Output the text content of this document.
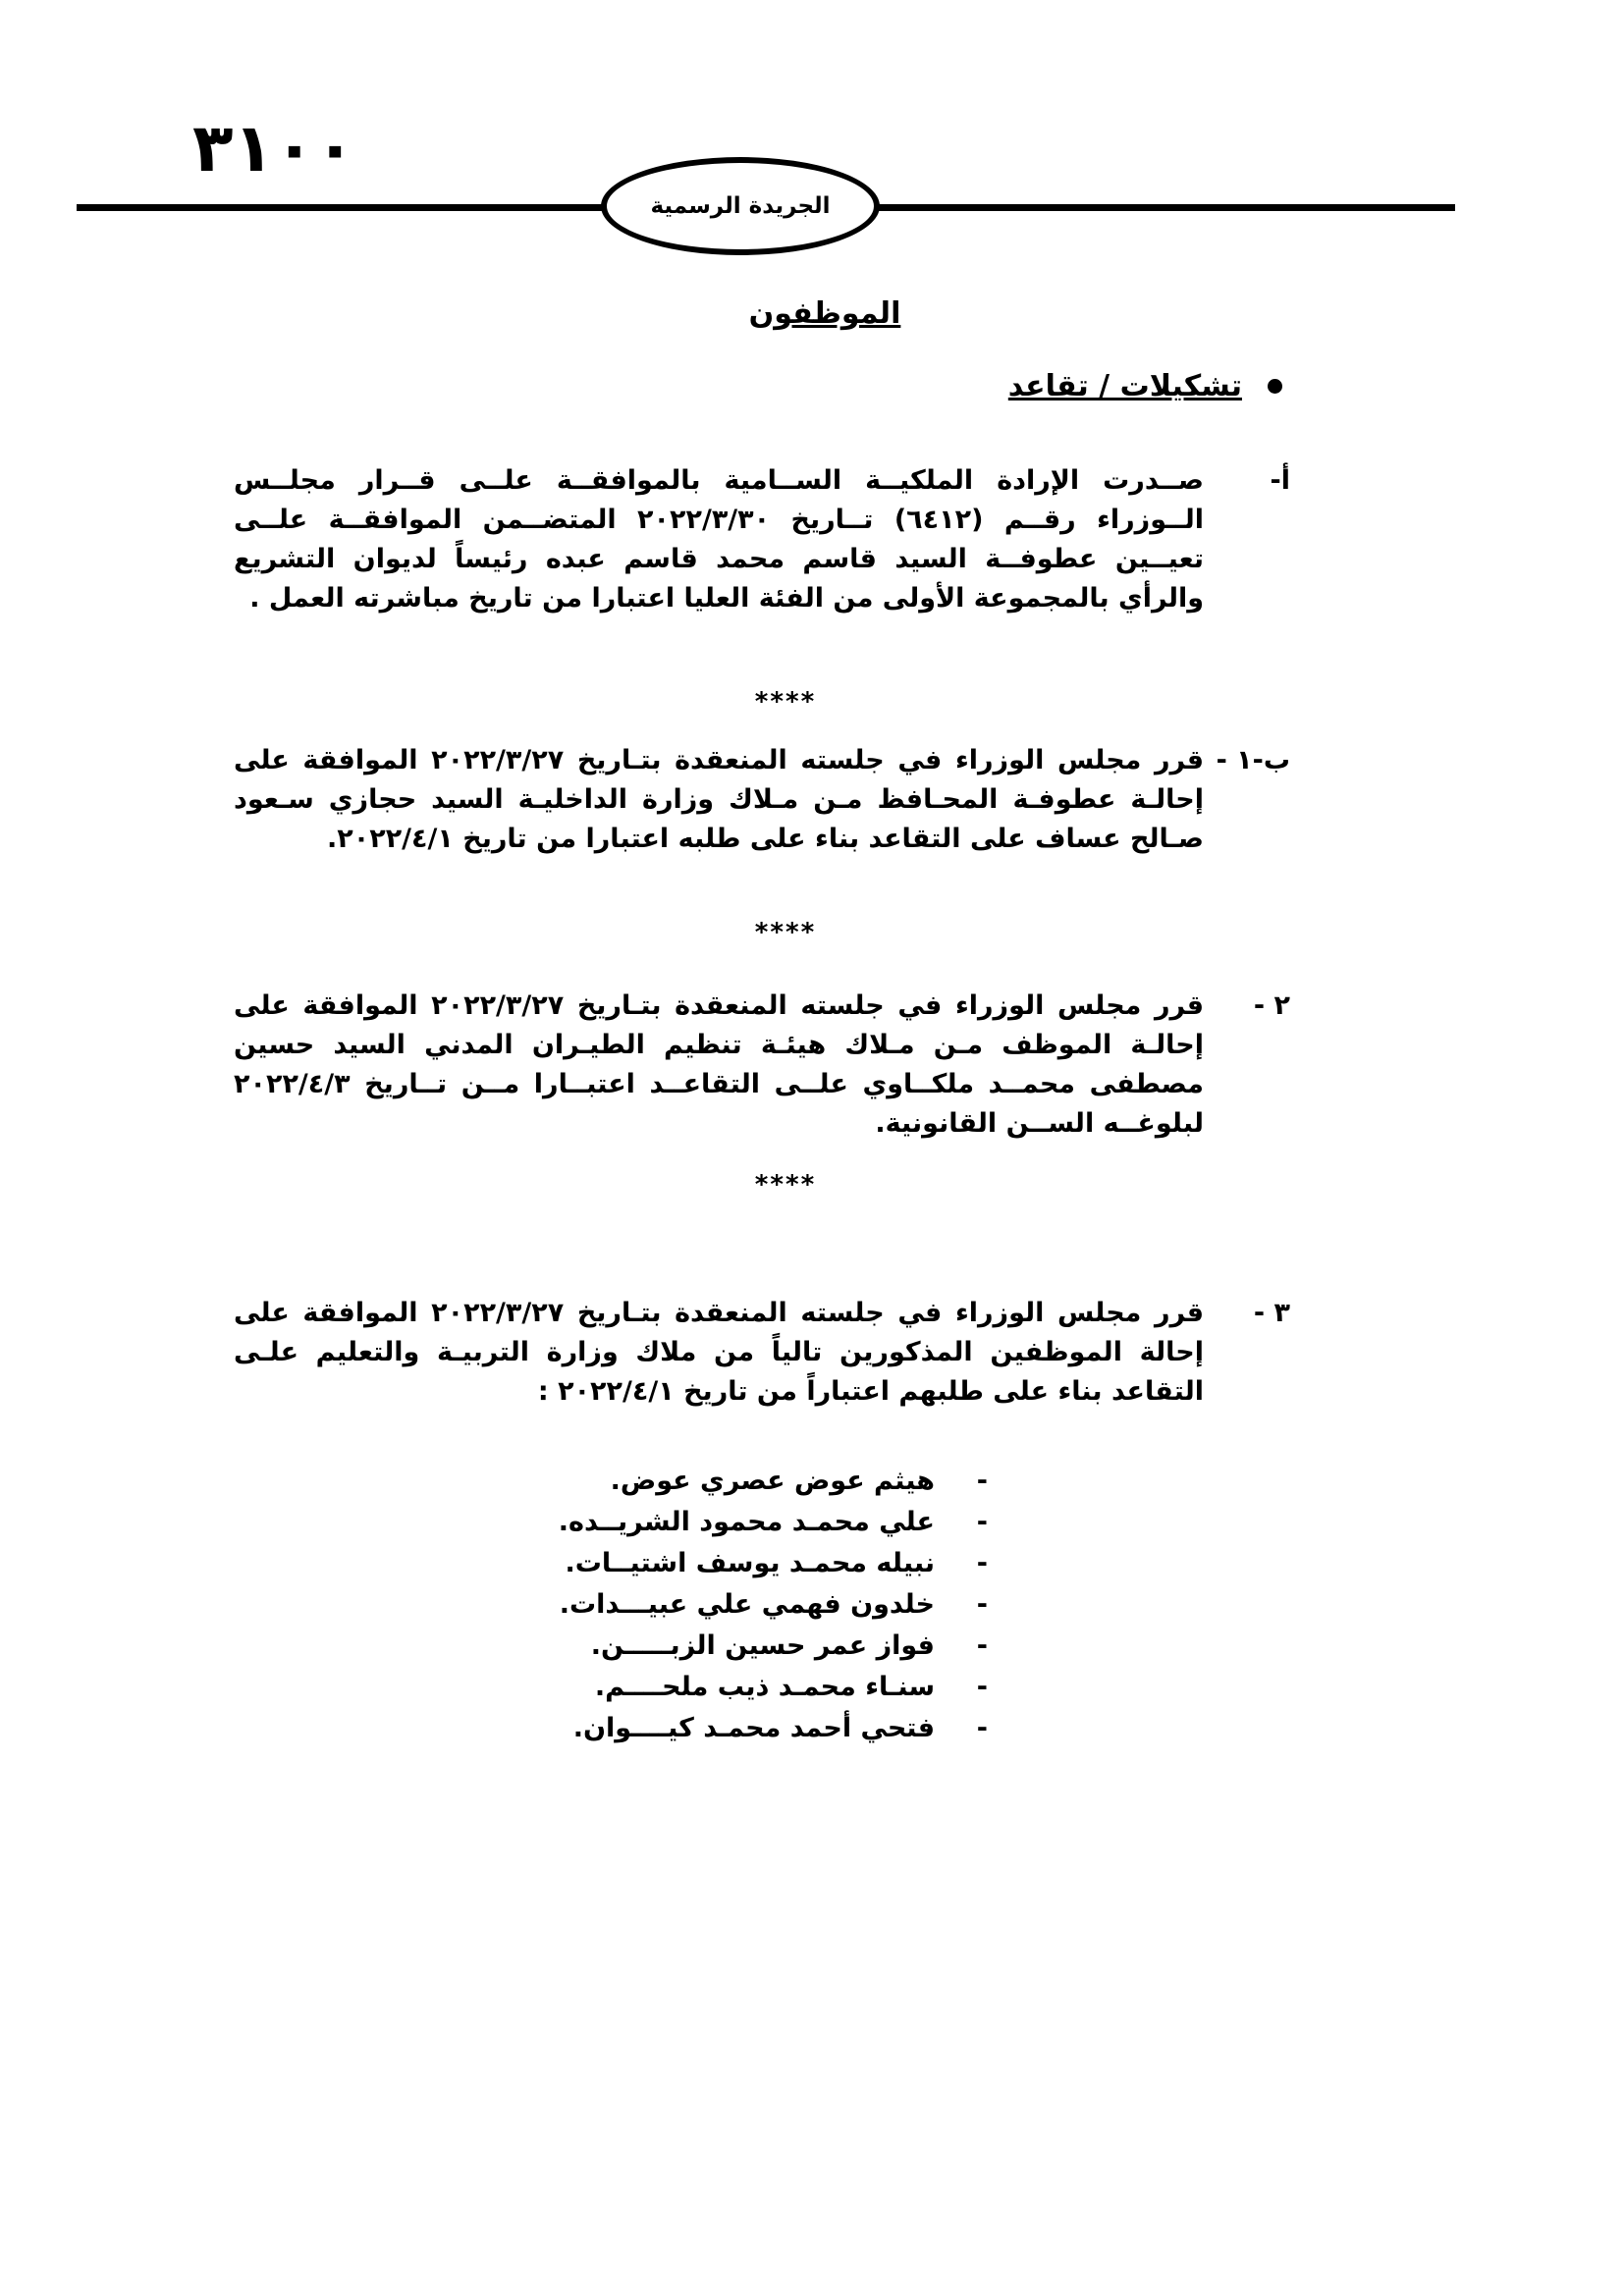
٣١٠٠
الجريدة الرسمية
الموظفون
تشكيلات / تقاعد
أ-
صــدرت الإرادة الملكيــة الســامية بالموافقــة علــى قــرار مجلــس الــوزراء رقــم (٦٤١٢) تــاريخ ٢٠٢٢/٣/٣٠ المتضــمن الموافقــة علــى تعيــين عطوفــة السيد قاسم محمد قاسم عبده رئيساً لديوان التشريع والرأي بالمجموعة الأولى من الفئة العليا اعتبارا من تاريخ مباشرته العمل .
****
ب-١ -
قرر مجلس الوزراء في جلسته المنعقدة بتـاريخ ٢٠٢٢/٣/٢٧ الموافقة على إحالـة عطوفـة المحـافظ مـن مـلاك وزارة الداخليـة السيد حجازي سـعود صـالح عساف على التقاعد بناء على طلبه اعتبارا من تاريخ ٢٠٢٢/٤/١.
****
٢ -
قرر مجلس الوزراء في جلسته المنعقدة بتـاريخ ٢٠٢٢/٣/٢٧ الموافقة على إحالـة الموظف مـن مـلاك هيئـة تنظيم الطيـران المدني السيد حسين مصطفى محمــد ملكــاوي علــى التقاعــد اعتبــارا مــن تــاريخ ٢٠٢٢/٤/٣ لبلوغــه الســن القانونية.
****
٣ -
قرر مجلس الوزراء في جلسته المنعقدة بتـاريخ ٢٠٢٢/٣/٢٧ الموافقة على إحالة الموظفين المذكورين تالياً من ملاك وزارة التربيـة والتعليم علـى التقاعد بناء على طلبهم اعتباراً من تاريخ ٢٠٢٢/٤/١ :
-
هيثم عوض عصري عوض.
-
علي محمـد محمود الشريــده.
-
نبيله محمـد يوسف اشتيــات.
-
خلدون فهمي علي عبيـــدات.
-
فواز عمر حسين الزبـــــن.
-
سنـاء محمـد ذيب ملحــــم.
-
فتحي أحمد محمـد كيــــوان.
